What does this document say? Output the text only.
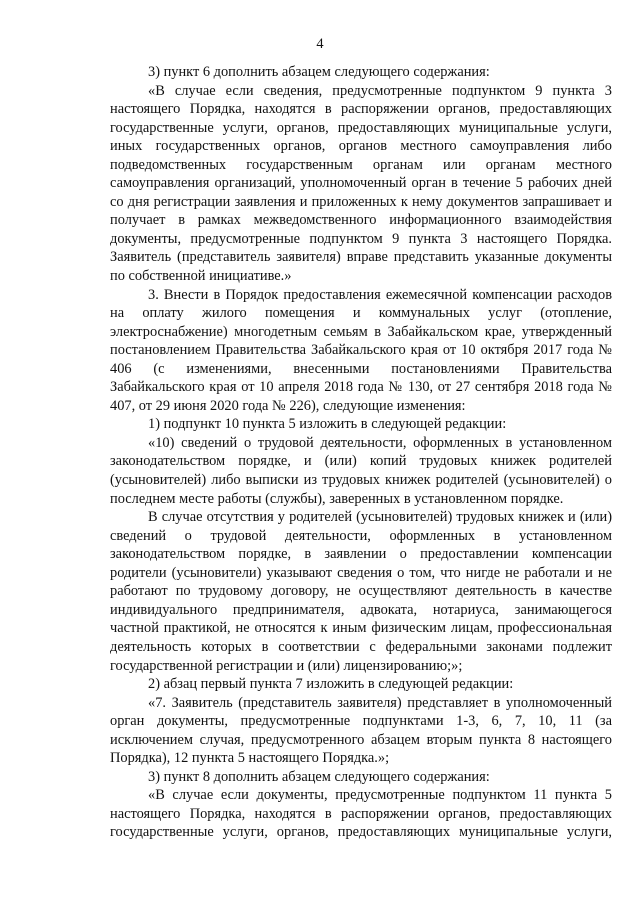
4

3) пункт 6 дополнить абзацем следующего содержания:

«В случае если сведения, предусмотренные подпунктом 9 пункта 3 настоящего Порядка, находятся в распоряжении органов, предоставляющих государственные услуги, органов, предоставляющих муниципальные услуги, иных государственных органов, органов местного самоуправления либо подведомственных государственным органам или органам местного самоуправления организаций, уполномоченный орган в течение 5 рабочих дней со дня регистрации заявления и приложенных к нему документов запрашивает и получает в рамках межведомственного информационного взаимодействия документы, предусмотренные подпунктом 9 пункта 3 настоящего Порядка. Заявитель (представитель заявителя) вправе представить указанные документы по собственной инициативе.»

3. Внести в Порядок предоставления ежемесячной компенсации расходов на оплату жилого помещения и коммунальных услуг (отопление, электроснабжение) многодетным семьям в Забайкальском крае, утвержденный постановлением Правительства Забайкальского края от 10 октября 2017 года № 406 (с изменениями, внесенными постановлениями Правительства Забайкальского края от 10 апреля 2018 года № 130, от 27 сентября 2018 года № 407, от 29 июня 2020 года № 226), следующие изменения:

1) подпункт 10 пункта 5 изложить в следующей редакции:

«10) сведений о трудовой деятельности, оформленных в установленном законодательством порядке, и (или) копий трудовых книжек родителей (усыновителей) либо выписки из трудовых книжек родителей (усыновителей) о последнем месте работы (службы), заверенных в установленном порядке.

В случае отсутствия у родителей (усыновителей) трудовых книжек и (или) сведений о трудовой деятельности, оформленных в установленном законодательством порядке, в заявлении о предоставлении компенсации родители (усыновители) указывают сведения о том, что нигде не работали и не работают по трудовому договору, не осуществляют деятельность в качестве индивидуального предпринимателя, адвоката, нотариуса, занимающегося частной практикой, не относятся к иным физическим лицам, профессиональная деятельность которых в соответствии с федеральными законами подлежит государственной регистрации и (или) лицензированию;»;

2) абзац первый пункта 7 изложить в следующей редакции:

«7. Заявитель (представитель заявителя) представляет в уполномоченный орган документы, предусмотренные подпунктами 1-3, 6, 7, 10, 11 (за исключением случая, предусмотренного абзацем вторым пункта 8 настоящего Порядка), 12 пункта 5 настоящего Порядка.»;

3) пункт 8 дополнить абзацем следующего содержания:

«В случае если документы, предусмотренные подпунктом 11 пункта 5 настоящего Порядка, находятся в распоряжении органов, предоставляющих государственные услуги, органов, предоставляющих муниципальные услуги,
